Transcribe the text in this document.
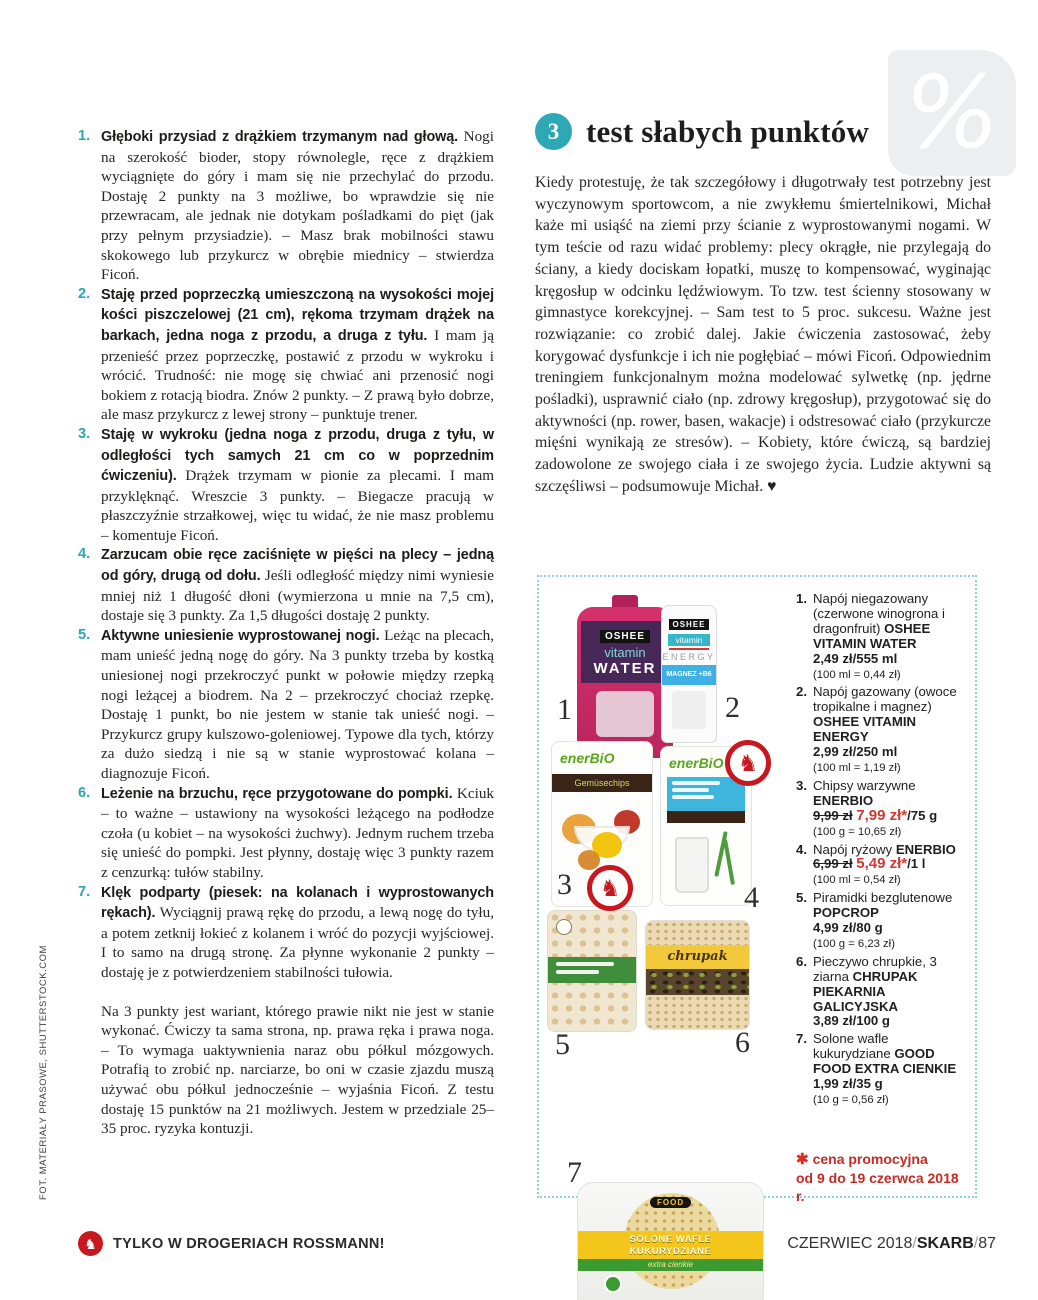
%
FOT. MATERIAŁY PRASOWE, SHUTTERSTOCK.COM

1. Głęboki przysiad z drążkiem trzymanym nad głową. Nogi na szerokość bioder, stopy równolegle, ręce z drążkiem wyciągnięte do góry i mam się nie przechylać do przodu. Dostaję 2 punkty na 3 możliwe, bo wprawdzie się nie przewracam, ale jednak nie dotykam pośladkami do pięt (jak przy pełnym przysiadzie). – Masz brak mobilności stawu skokowego lub przykurcz w obrębie miednicy – stwierdza Ficoń.

2. Staję przed poprzeczką umieszczoną na wysokości mojej kości piszczelowej (21 cm), rękoma trzymam drążek na barkach, jedna noga z przodu, a druga z tyłu. I mam ją przenieść przez poprzeczkę, postawić z przodu w wykroku i wrócić. Trudność: nie mogę się chwiać ani przenosić nogi bokiem z rotacją biodra. Znów 2 punkty. – Z prawą było dobrze, ale masz przykurcz z lewej strony – punktuje trener.

3. Staję w wykroku (jedna noga z przodu, druga z tyłu, w odległości tych samych 21 cm co w poprzednim ćwiczeniu). Drążek trzymam w pionie za plecami. I mam przyklęknąć. Wreszcie 3 punkty. – Biegacze pracują w płaszczyźnie strzałkowej, więc tu widać, że nie masz problemu – komentuje Ficoń.

4. Zarzucam obie ręce zaciśnięte w pięści na plecy – jedną od góry, drugą od dołu. Jeśli odległość między nimi wyniesie mniej niż 1 długość dłoni (wymierzona u mnie na 7,5 cm), dostaje się 3 punkty. Za 1,5 długości dostaję 2 punkty.

5. Aktywne uniesienie wyprostowanej nogi. Leżąc na plecach, mam unieść jedną nogę do góry. Na 3 punkty trzeba by kostką uniesionej nogi przekroczyć punkt w połowie między rzepką nogi leżącej a biodrem. Na 2 – przekroczyć chociaż rzepkę. Dostaję 1 punkt, bo nie jestem w stanie tak unieść nogi. – Przykurcz grupy kulszowo-goleniowej. Typowe dla tych, którzy za dużo siedzą i nie są w stanie wyprostować kolana – diagnozuje Ficoń.

6. Leżenie na brzuchu, ręce przygotowane do pompki. Kciuk – to ważne – ustawiony na wysokości leżącego na podłodze czoła (u kobiet – na wysokości żuchwy). Jednym ruchem trzeba się unieść do pompki. Jest płynny, dostaję więc 3 punkty razem z cenzurką: tułów stabilny.

7. Klęk podparty (piesek: na kolanach i wyprostowanych rękach). Wyciągnij prawą rękę do przodu, a lewą nogę do tyłu, a potem zetknij łokieć z kolanem i wróć do pozycji wyjściowej. I to samo na drugą stronę. Za płynne wykonanie 2 punkty – dostaję je z potwierdzeniem stabilności tułowia.

Na 3 punkty jest wariant, którego prawie nikt nie jest w stanie wykonać. Ćwiczy ta sama strona, np. prawa ręka i prawa noga. – To wymaga uaktywnienia naraz obu półkul mózgowych. Potrafią to zrobić np. narciarze, bo oni w czasie zjazdu muszą używać obu półkul jednocześnie – wyjaśnia Ficoń. Z testu dostaję 15 punktów na 21 możliwych. Jestem w przedziale 25–35 proc. ryzyka kontuzji.

3 test słabych punktów

Kiedy protestuję, że tak szczegółowy i długotrwały test potrzebny jest wyczynowym sportowcom, a nie zwykłemu śmiertelnikowi, Michał każe mi usiąść na ziemi przy ścianie z wyprostowanymi nogami. W tym teście od razu widać problemy: plecy okrągłe, nie przylegają do ściany, a kiedy dociskam łopatki, muszę to kompensować, wyginając kręgosłup w odcinku lędźwiowym. To tzw. test ścienny stosowany w gimnastyce korekcyjnej. – Sam test to 5 proc. sukcesu. Ważne jest rozwiązanie: co zrobić dalej. Jakie ćwiczenia zastosować, żeby korygować dysfunkcje i ich nie pogłębiać – mówi Ficoń. Odpowiednim treningiem funkcjonalnym można modelować sylwetkę (np. jędrne pośladki), usprawnić ciało (np. zdrowy kręgosłup), przygotować się do aktywności (np. rower, basen, wakacje) i odstresować ciało (przykurcze mięśni wynikają ze stresów). – Kobiety, które ćwiczą, są bardziej zadowolone ze swojego ciała i ze swojego życia. Ludzie aktywni są szczęśliwsi – podsumowuje Michał. ♥

OSHEE
vitamin
WATER
1
OSHEE
vitamin
ENERGY
MAGNEZ +B6
2
enerBiO
Gemüsechips
3	♞
enerBiO
4
♞
5
chrupak
6
FOOD
SOLONE WAFLE
KUKURYDZIANE
extra cienkie
7
1. Napój niegazowany (czerwone winogrona i dragonfruit) OSHEE VITAMIN WATER
2,49 zł/555 ml
(100 ml = 0,44 zł)
2. Napój gazowany (owoce tropikalne i magnez) OSHEE VITAMIN ENERGY
2,99 zł/250 ml
(100 ml = 1,19 zł)
3. Chipsy warzywne ENERBIO
9,99 zł 7,99 zł*/75 g
(100 g = 10,65 zł)
4. Napój ryżowy ENERBIO
6,99 zł 5,49 zł*/1 l
(100 ml = 0,54 zł)
5. Piramidki bezglutenowe POPCROP
4,99 zł/80 g
(100 g = 6,23 zł)
6. Pieczywo chrupkie, 3 ziarna CHRUPAK PIEKARNIA GALICYJSKA
3,89 zł/100 g
7. Solone wafle kukurydziane GOOD FOOD EXTRA CIENKIE
1,99 zł/35 g
(10 g = 0,56 zł)
✱ cena promocyjna
od 9 do 19 czerwca 2018 r.
♞	TYLKO W DROGERIACH ROSSMANN!	CZERWIEC 2018/SKARB/87
